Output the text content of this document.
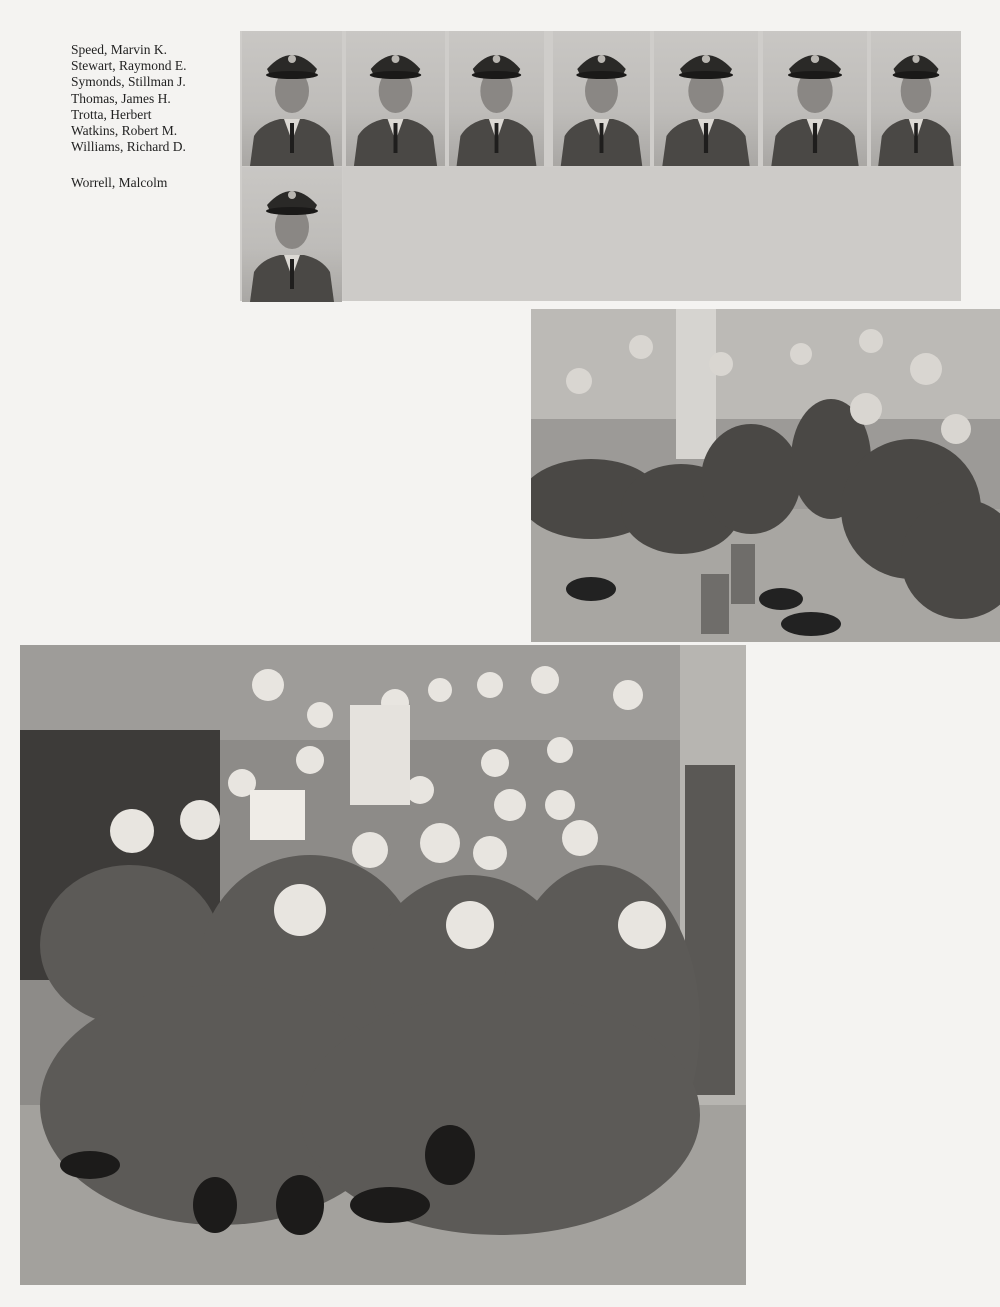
Speed, Marvin K.
Stewart, Raymond E.
Symonds, Stillman J.
Thomas, James H.
Trotta, Herbert
Watkins, Robert M.
Williams, Richard D.
Worrell, Malcolm
